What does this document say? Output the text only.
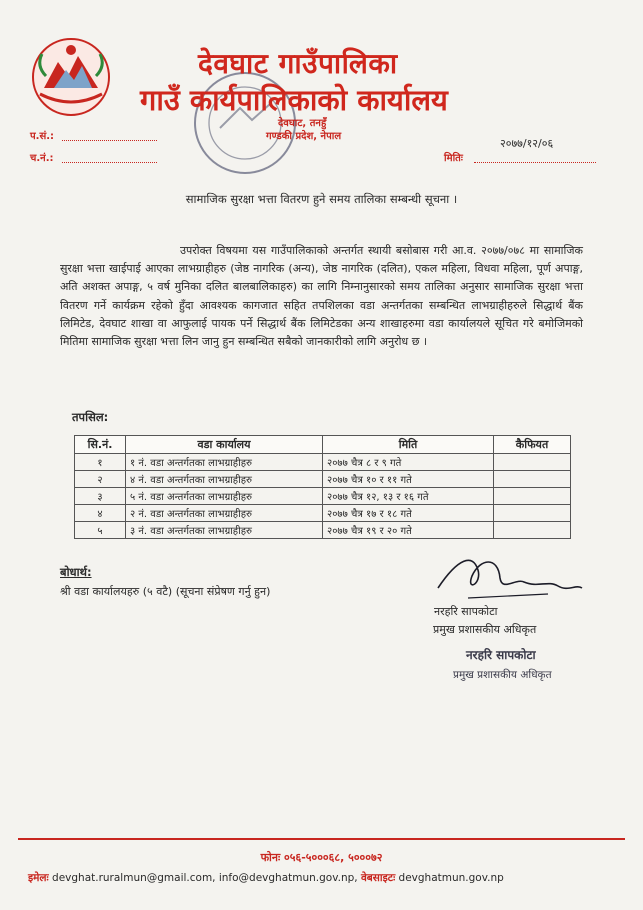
देवघाट गाउँपालिका
गाउँ कार्यपालिकाको कार्यालय
देवघाट, तनहुँ
गण्डकी प्रदेश, नेपाल
प.सं.:
च.नं.:
२०७७/१२/०६
मितिः
सामाजिक सुरक्षा भत्ता वितरण हुने समय तालिका सम्बन्धी सूचना ।

उपरोक्त विषयमा यस गाउँपालिकाको अन्तर्गत स्थायी बसोबास गरी आ.व. २०७७/०७८ मा सामाजिक सुरक्षा भत्ता खाईपाई आएका लाभग्राहीहरु (जेष्ठ नागरिक (अन्य), जेष्ठ नागरिक (दलित), एकल महिला, विधवा महिला, पूर्ण अपाङ्ग, अति अशक्त अपाङ्ग, ५ वर्ष मुनिका दलित बालबालिकाहरु) का लागि निम्नानुसारको समय तालिका अनुसार सामाजिक सुरक्षा भत्ता वितरण गर्ने कार्यक्रम रहेको हुँदा आवश्यक कागजात सहित तपशिलका वडा अन्तर्गतका सम्बन्धित लाभग्राहीहरुले सिद्धार्थ बैंक लिमिटेड, देवघाट शाखा वा आफुलाई पायक पर्ने सिद्धार्थ बैंक लिमिटेडका अन्य शाखाहरुमा वडा कार्यालयले सूचित गरे बमोजिमको मितिमा सामाजिक सुरक्षा भत्ता लिन जानु हुन सम्बन्धित सबैको जानकारीको लागि अनुरोध छ ।

तपसिल:
सि.नं.	वडा कार्यालय	मिति	कैफियत
१	१ नं. वडा अन्तर्गतका लाभग्राहीहरु	२०७७ चैत्र ८ र ९ गते	
२	४ नं. वडा अन्तर्गतका लाभग्राहीहरु	२०७७ चैत्र १० र ११ गते	
३	५ नं. वडा अन्तर्गतका लाभग्राहीहरु	२०७७ चैत्र १२, १३ र १६ गते	
४	२ नं. वडा अन्तर्गतका लाभग्राहीहरु	२०७७ चैत्र १७ र १८ गते	
५	३ नं. वडा अन्तर्गतका लाभग्राहीहरु	२०७७ चैत्र १९ र २० गते	
बोधार्थ:
श्री वडा कार्यालयहरु (५ वटै) (सूचना संप्रेषण गर्नु हुन)
नरहरि सापकोटा
प्रमुख प्रशासकीय अधिकृत
नरहरि सापकोटा
प्रमुख प्रशासकीय अधिकृत
फोनः ०५६-५०००६८, ५०००७२
इमेलः devghat.ruralmun@gmail.com, info@devghatmun.gov.np, वेबसाइटः devghatmun.gov.np
